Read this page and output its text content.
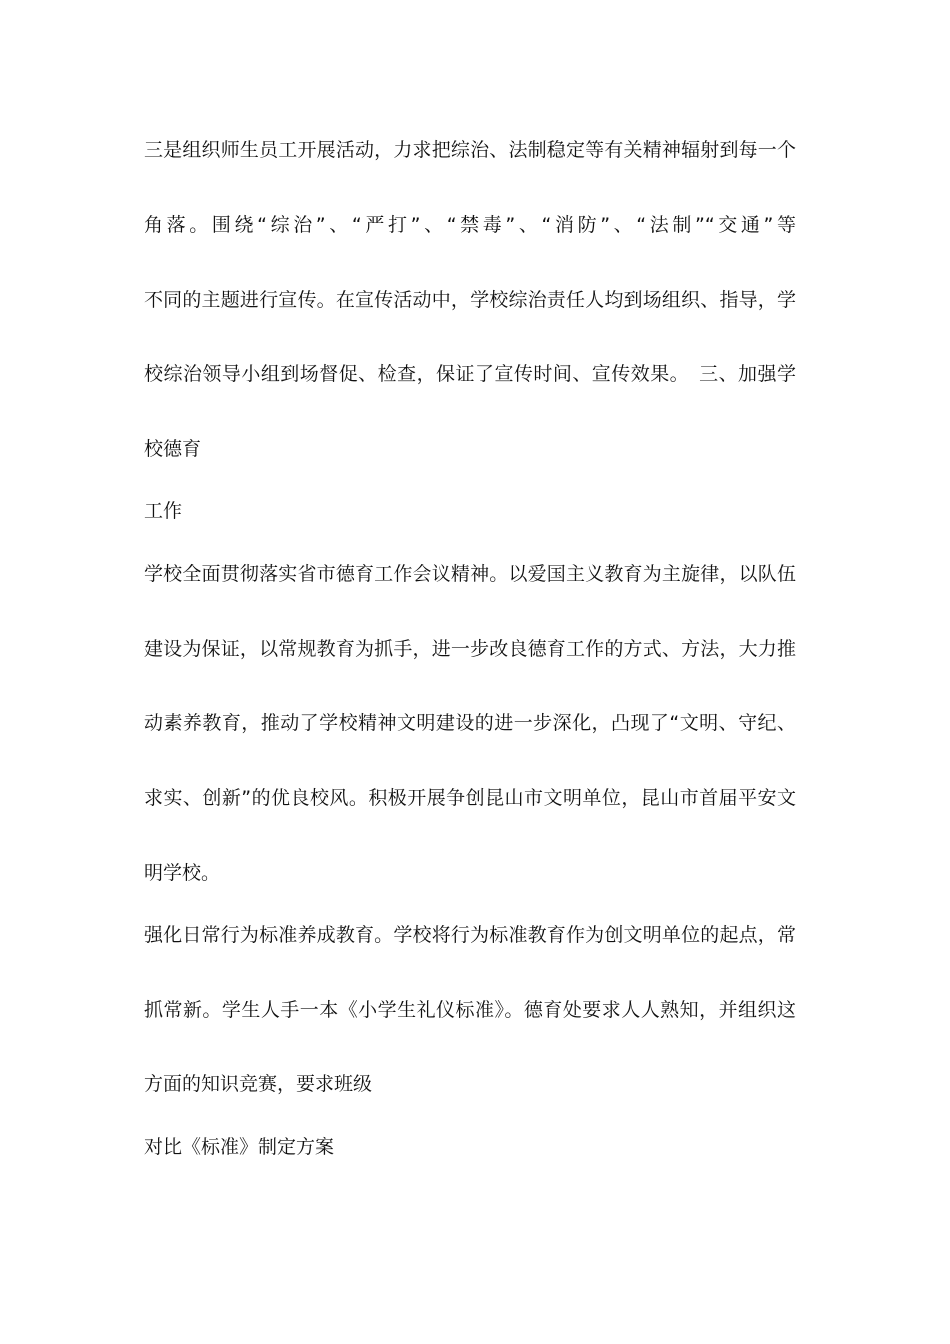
三是组织师生员工开展活动，力求把综治、法制稳定等有关精神辐射到每一个
角落。围绕“综治”、“严打”、“禁毒”、“消防”、“法制”“交通”等
不同的主题进行宣传。在宣传活动中，学校综治责任人均到场组织、指导，学
校综治领导小组到场督促、检查，保证了宣传时间、宣传效果。　三、加强学
校德育
工作
学校全面贯彻落实省市德育工作会议精神。以爱国主义教育为主旋律，以队伍
建设为保证，以常规教育为抓手，进一步改良德育工作的方式、方法，大力推
动素养教育，推动了学校精神文明建设的进一步深化，凸现了“文明、守纪、
求实、创新”的优良校风。积极开展争创昆山市文明单位，昆山市首届平安文
明学校。
强化日常行为标准养成教育。学校将行为标准教育作为创文明单位的起点，常
抓常新。学生人手一本《小学生礼仪标准》。德育处要求人人熟知，并组织这
方面的知识竞赛，要求班级
对比《标准》制定方案
